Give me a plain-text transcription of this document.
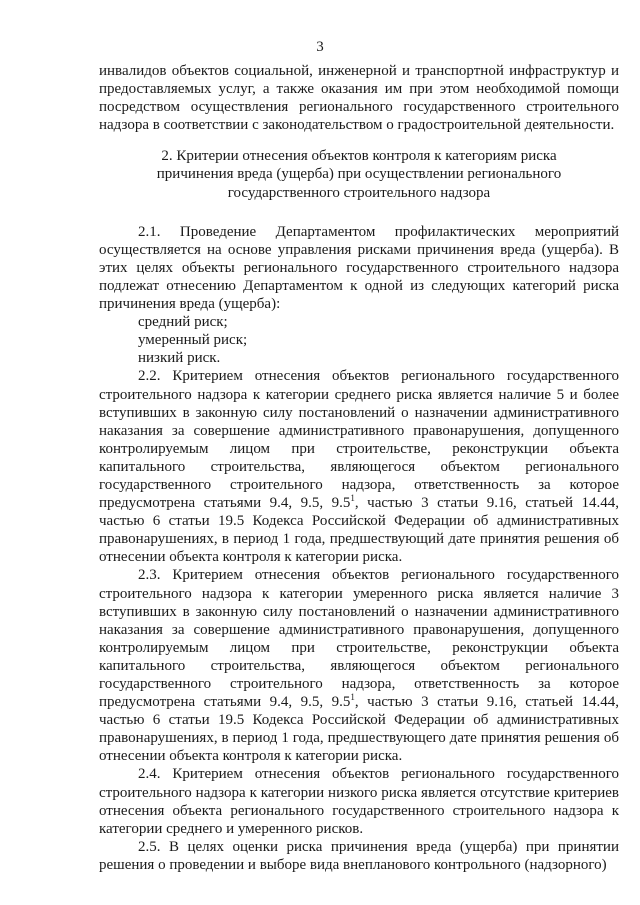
3

инвалидов объектов социальной, инженерной и транспортной инфраструктур и предоставляемых услуг, а также оказания им при этом необходимой помощи посредством осуществления регионального государственного строительного надзора в соответствии с законодательством о градостроительной деятельности.

2. Критерии отнесения объектов контроля к категориям риска
причинения вреда (ущерба) при осуществлении регионального
государственного строительного надзора

2.1. Проведение Департаментом профилактических мероприятий осуществляется на основе управления рисками причинения вреда (ущерба). В этих целях объекты регионального государственного строительного надзора подлежат отнесению Департаментом к одной из следующих категорий риска причинения вреда (ущерба):

средний риск;

умеренный риск;

низкий риск.

2.2. Критерием отнесения объектов регионального государственного строительного надзора к категории среднего риска является наличие 5 и более вступивших в законную силу постановлений о назначении административного наказания за совершение административного правонарушения, допущенного контролируемым лицом при строительстве, реконструкции объекта капитального строительства, являющегося объектом регионального государственного строительного надзора, ответственность за которое предусмотрена статьями 9.4, 9.5, $9.5^1$, частью 3 статьи 9.16, статьей 14.44, частью 6 статьи 19.5 Кодекса Российской Федерации об административных правонарушениях, в период 1 года, предшествующий дате принятия решения об отнесении объекта контроля к категории риска.

2.3. Критерием отнесения объектов регионального государственного строительного надзора к категории умеренного риска является наличие 3 вступивших в законную силу постановлений о назначении административного наказания за совершение административного правонарушения, допущенного контролируемым лицом при строительстве, реконструкции объекта капитального строительства, являющегося объектом регионального государственного строительного надзора, ответственность за которое предусмотрена статьями 9.4, 9.5, $9.5^1$, частью 3 статьи 9.16, статьей 14.44, частью 6 статьи 19.5 Кодекса Российской Федерации об административных правонарушениях, в период 1 года, предшествующего дате принятия решения об отнесении объекта контроля к категории риска.

2.4. Критерием отнесения объектов регионального государственного строительного надзора к категории низкого риска является отсутствие критериев отнесения объекта регионального государственного строительного надзора к категории среднего и умеренного рисков.

2.5. В целях оценки риска причинения вреда (ущерба) при принятии решения о проведении и выборе вида внепланового контрольного (надзорного)
